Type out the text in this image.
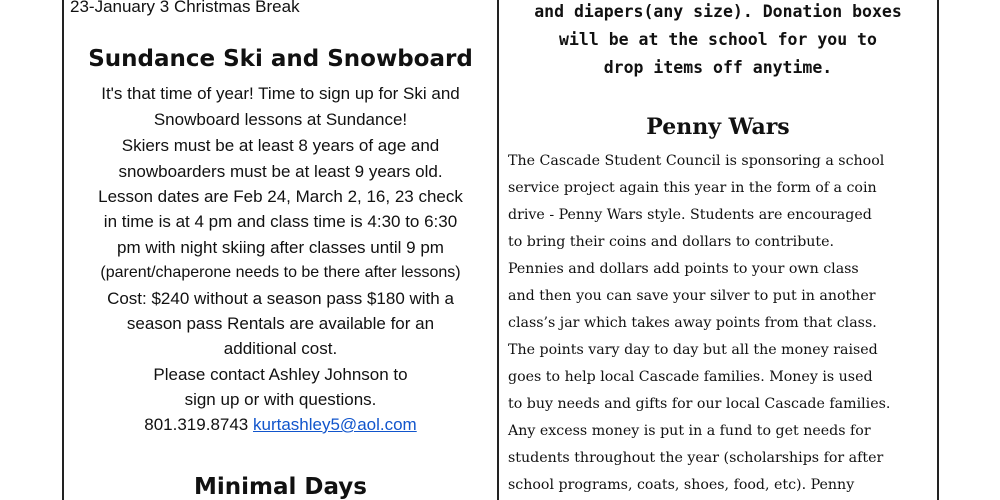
23-January 3 Christmas Break
Sundance Ski and Snowboard
It's that time of year! Time to sign up for Ski and
Snowboard lessons at Sundance!
Skiers must be at least 8 years of age and
snowboarders must be at least 9 years old.
Lesson dates are Feb 24, March 2, 16, 23 check
in time is at 4 pm and class time is 4:30 to 6:30
pm with night skiing after classes until 9 pm
(parent/chaperone needs to be there after lessons)
Cost: $240 without a season pass $180 with a
season pass Rentals are available for an
additional cost.
Please contact Ashley Johnson to
sign up or with questions.
801.319.8743 kurtashley5@aol.com
Minimal Days
and diapers(any size). Donation boxes
will be at the school for you to
drop items off anytime.
Penny Wars
The Cascade Student Council is sponsoring a school
service project again this year in the form of a coin
drive - Penny Wars style. Students are encouraged
to bring their coins and dollars to contribute.
Pennies and dollars add points to your own class
and then you can save your silver to put in another
class’s jar which takes away points from that class.
The points vary day to day but all the money raised
goes to help local Cascade families. Money is used
to buy needs and gifts for our local Cascade families.
Any excess money is put in a fund to get needs for
students throughout the year (scholarships for after
school programs, coats, shoes, food, etc). Penny
